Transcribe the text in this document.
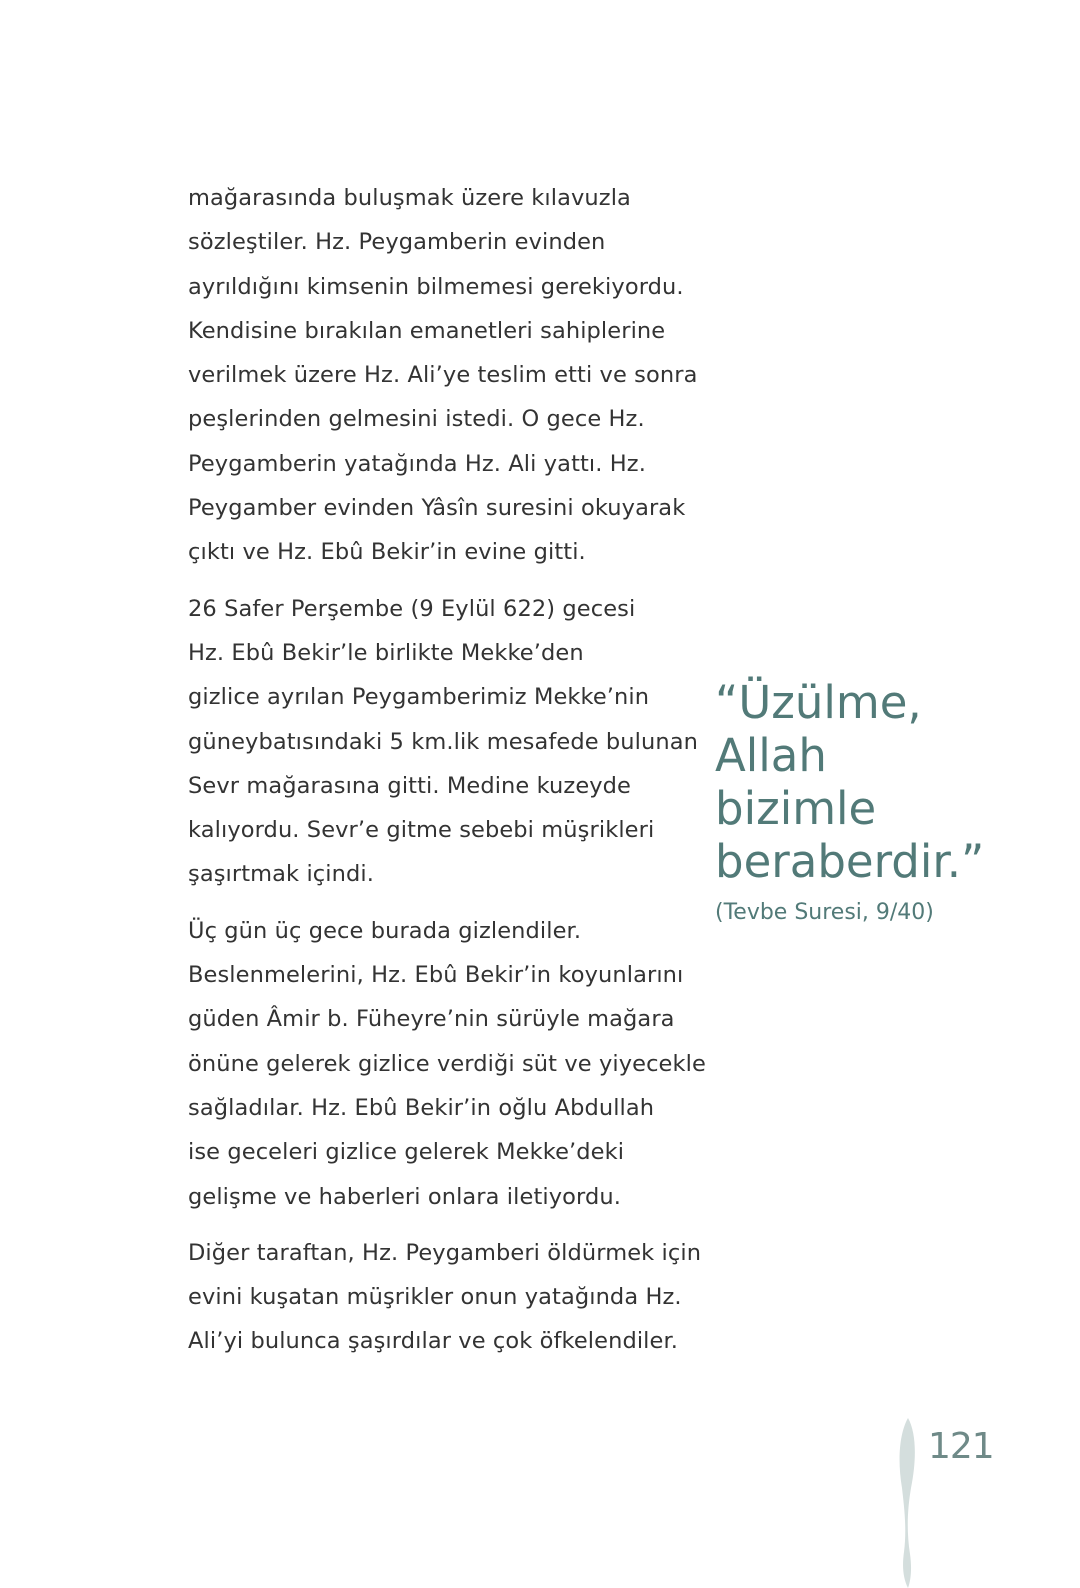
mağarasında buluşmak üzere kılavuzla
sözleştiler. Hz. Peygamberin evinden
ayrıldığını kimsenin bilmemesi gerekiyordu.
Kendisine bırakılan emanetleri sahiplerine
verilmek üzere Hz. Ali’ye teslim etti ve sonra
peşlerinden gelmesini istedi. O gece Hz.
Peygamberin yatağında Hz. Ali yattı. Hz.
Peygamber evinden Yâsîn suresini okuyarak
çıktı ve Hz. Ebû Bekir’in evine gitti.

26 Safer Perşembe (9 Eylül 622) gecesi
Hz. Ebû Bekir’le birlikte Mekke’den
gizlice ayrılan Peygamberimiz Mekke’nin
güneybatısındaki 5 km.lik mesafede bulunan
Sevr mağarasına gitti. Medine kuzeyde
kalıyordu. Sevr’e gitme sebebi müşrikleri
şaşırtmak içindi.

Üç gün üç gece burada gizlendiler.
Beslenmelerini, Hz. Ebû Bekir’in koyunlarını
güden Âmir b. Füheyre’nin sürüyle mağara
önüne gelerek gizlice verdiği süt ve yiyecekle
sağladılar. Hz. Ebû Bekir’in oğlu Abdullah
ise geceleri gizlice gelerek Mekke’deki
gelişme ve haberleri onlara iletiyordu.

Diğer taraftan, Hz. Peygamberi öldürmek için
evini kuşatan müşrikler onun yatağında Hz.
Ali’yi bulunca şaşırdılar ve çok öfkelendiler.

“Üzülme,
Allah
bizimle
beraberdir.”
(Tevbe Suresi, 9/40)
121
